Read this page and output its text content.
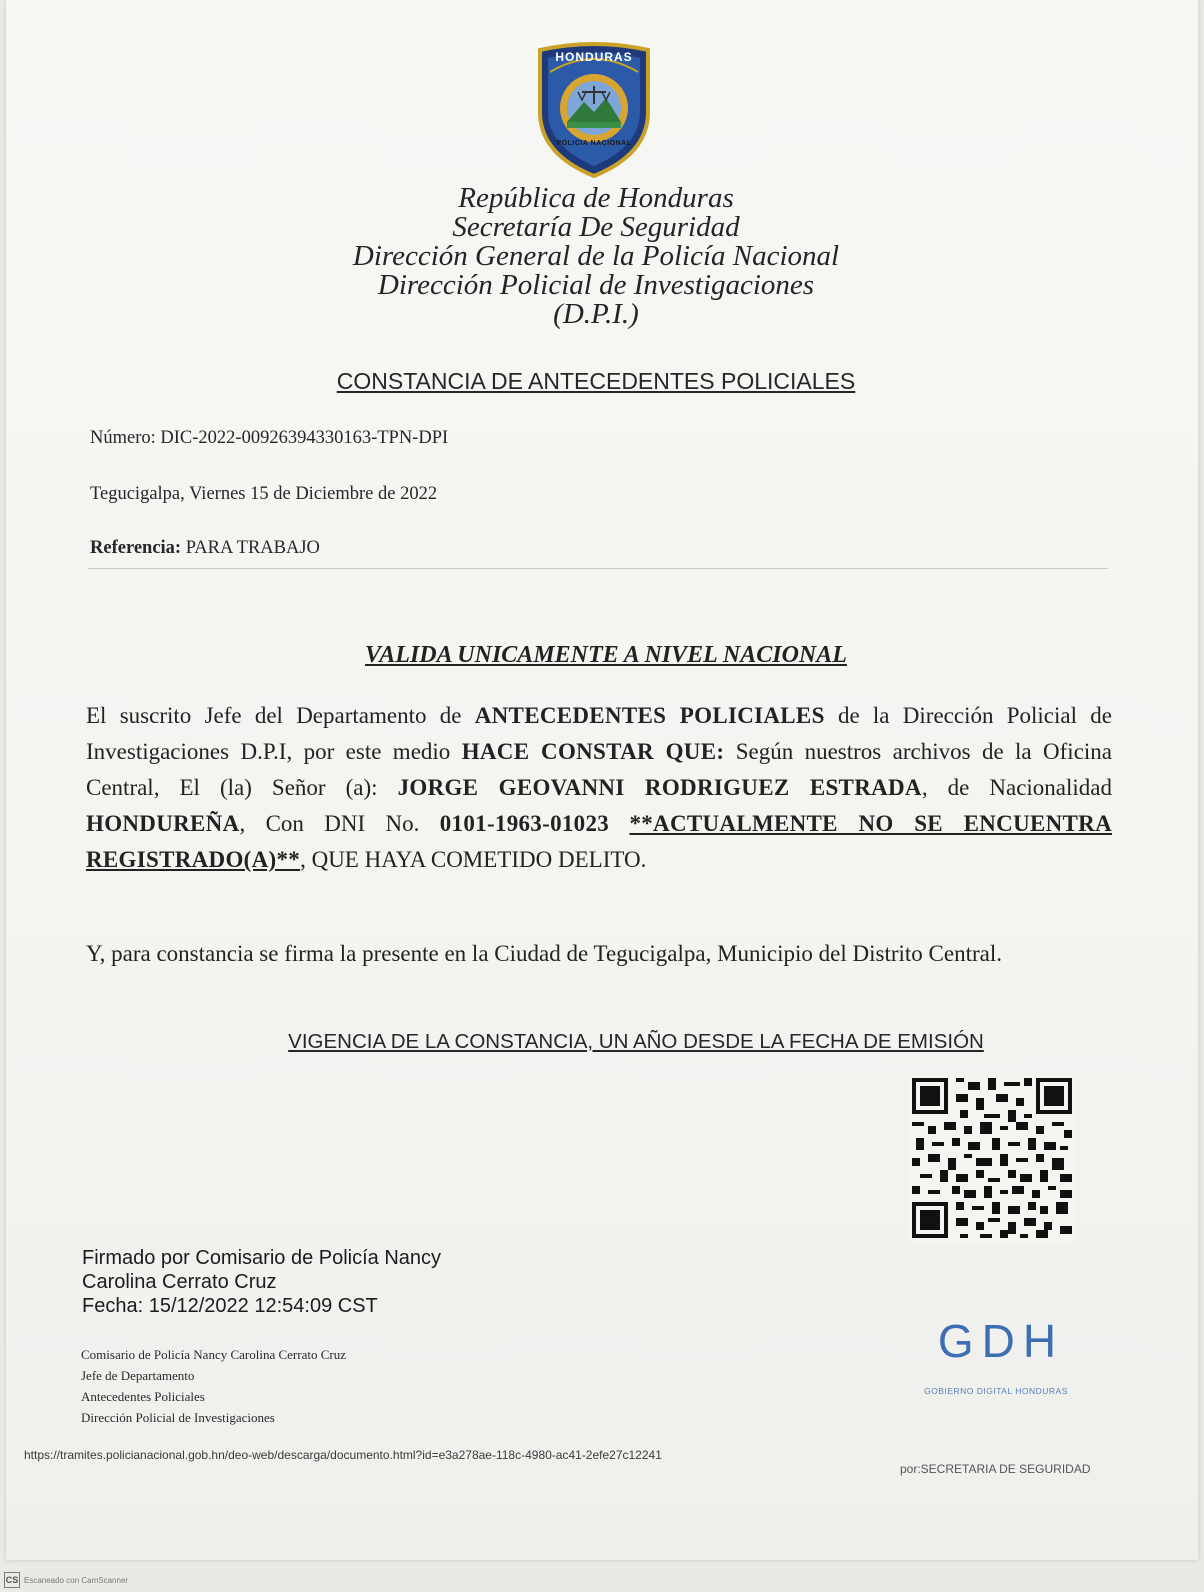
HONDURAS
POLICIA NACIONAL
República de Honduras
Secretaría De Seguridad
Dirección General de la Policía Nacional
Dirección Policial de Investigaciones
(D.P.I.)
CONSTANCIA DE ANTECEDENTES POLICIALES
Número: DIC-2022-00926394330163-TPN-DPI
Tegucigalpa, Viernes 15 de Diciembre de 2022
Referencia: PARA TRABAJO
VALIDA UNICAMENTE A NIVEL NACIONAL
El suscrito Jefe del Departamento de ANTECEDENTES POLICIALES de la Dirección Policial de Investigaciones D.P.I, por este medio HACE CONSTAR QUE: Según nuestros archivos de la Oficina Central, El (la) Señor (a): JORGE GEOVANNI RODRIGUEZ ESTRADA, de Nacionalidad HONDUREÑA, Con DNI No. 0101-1963-01023 **ACTUALMENTE NO SE ENCUENTRA REGISTRADO(A)**, QUE HAYA COMETIDO DELITO.
Y, para constancia se firma la presente en la Ciudad de Tegucigalpa, Municipio del Distrito Central.
VIGENCIA DE LA CONSTANCIA, UN AÑO DESDE LA FECHA DE EMISIÓN
Firmado por Comisario de Policía Nancy
Carolina Cerrato Cruz
Fecha: 15/12/2022 12:54:09 CST
Comisario de Policía Nancy Carolina Cerrato Cruz
Jefe de Departamento
Antecedentes Policiales
Dirección Policial de Investigaciones
GDH
GOBIERNO DIGITAL HONDURAS
https://tramites.policianacional.gob.hn/deo-web/descarga/documento.html?id=e3a278ae-118c-4980-ac41-2efe27c12241
por:SECRETARIA DE SEGURIDAD
CS Escaneado con CamScanner
